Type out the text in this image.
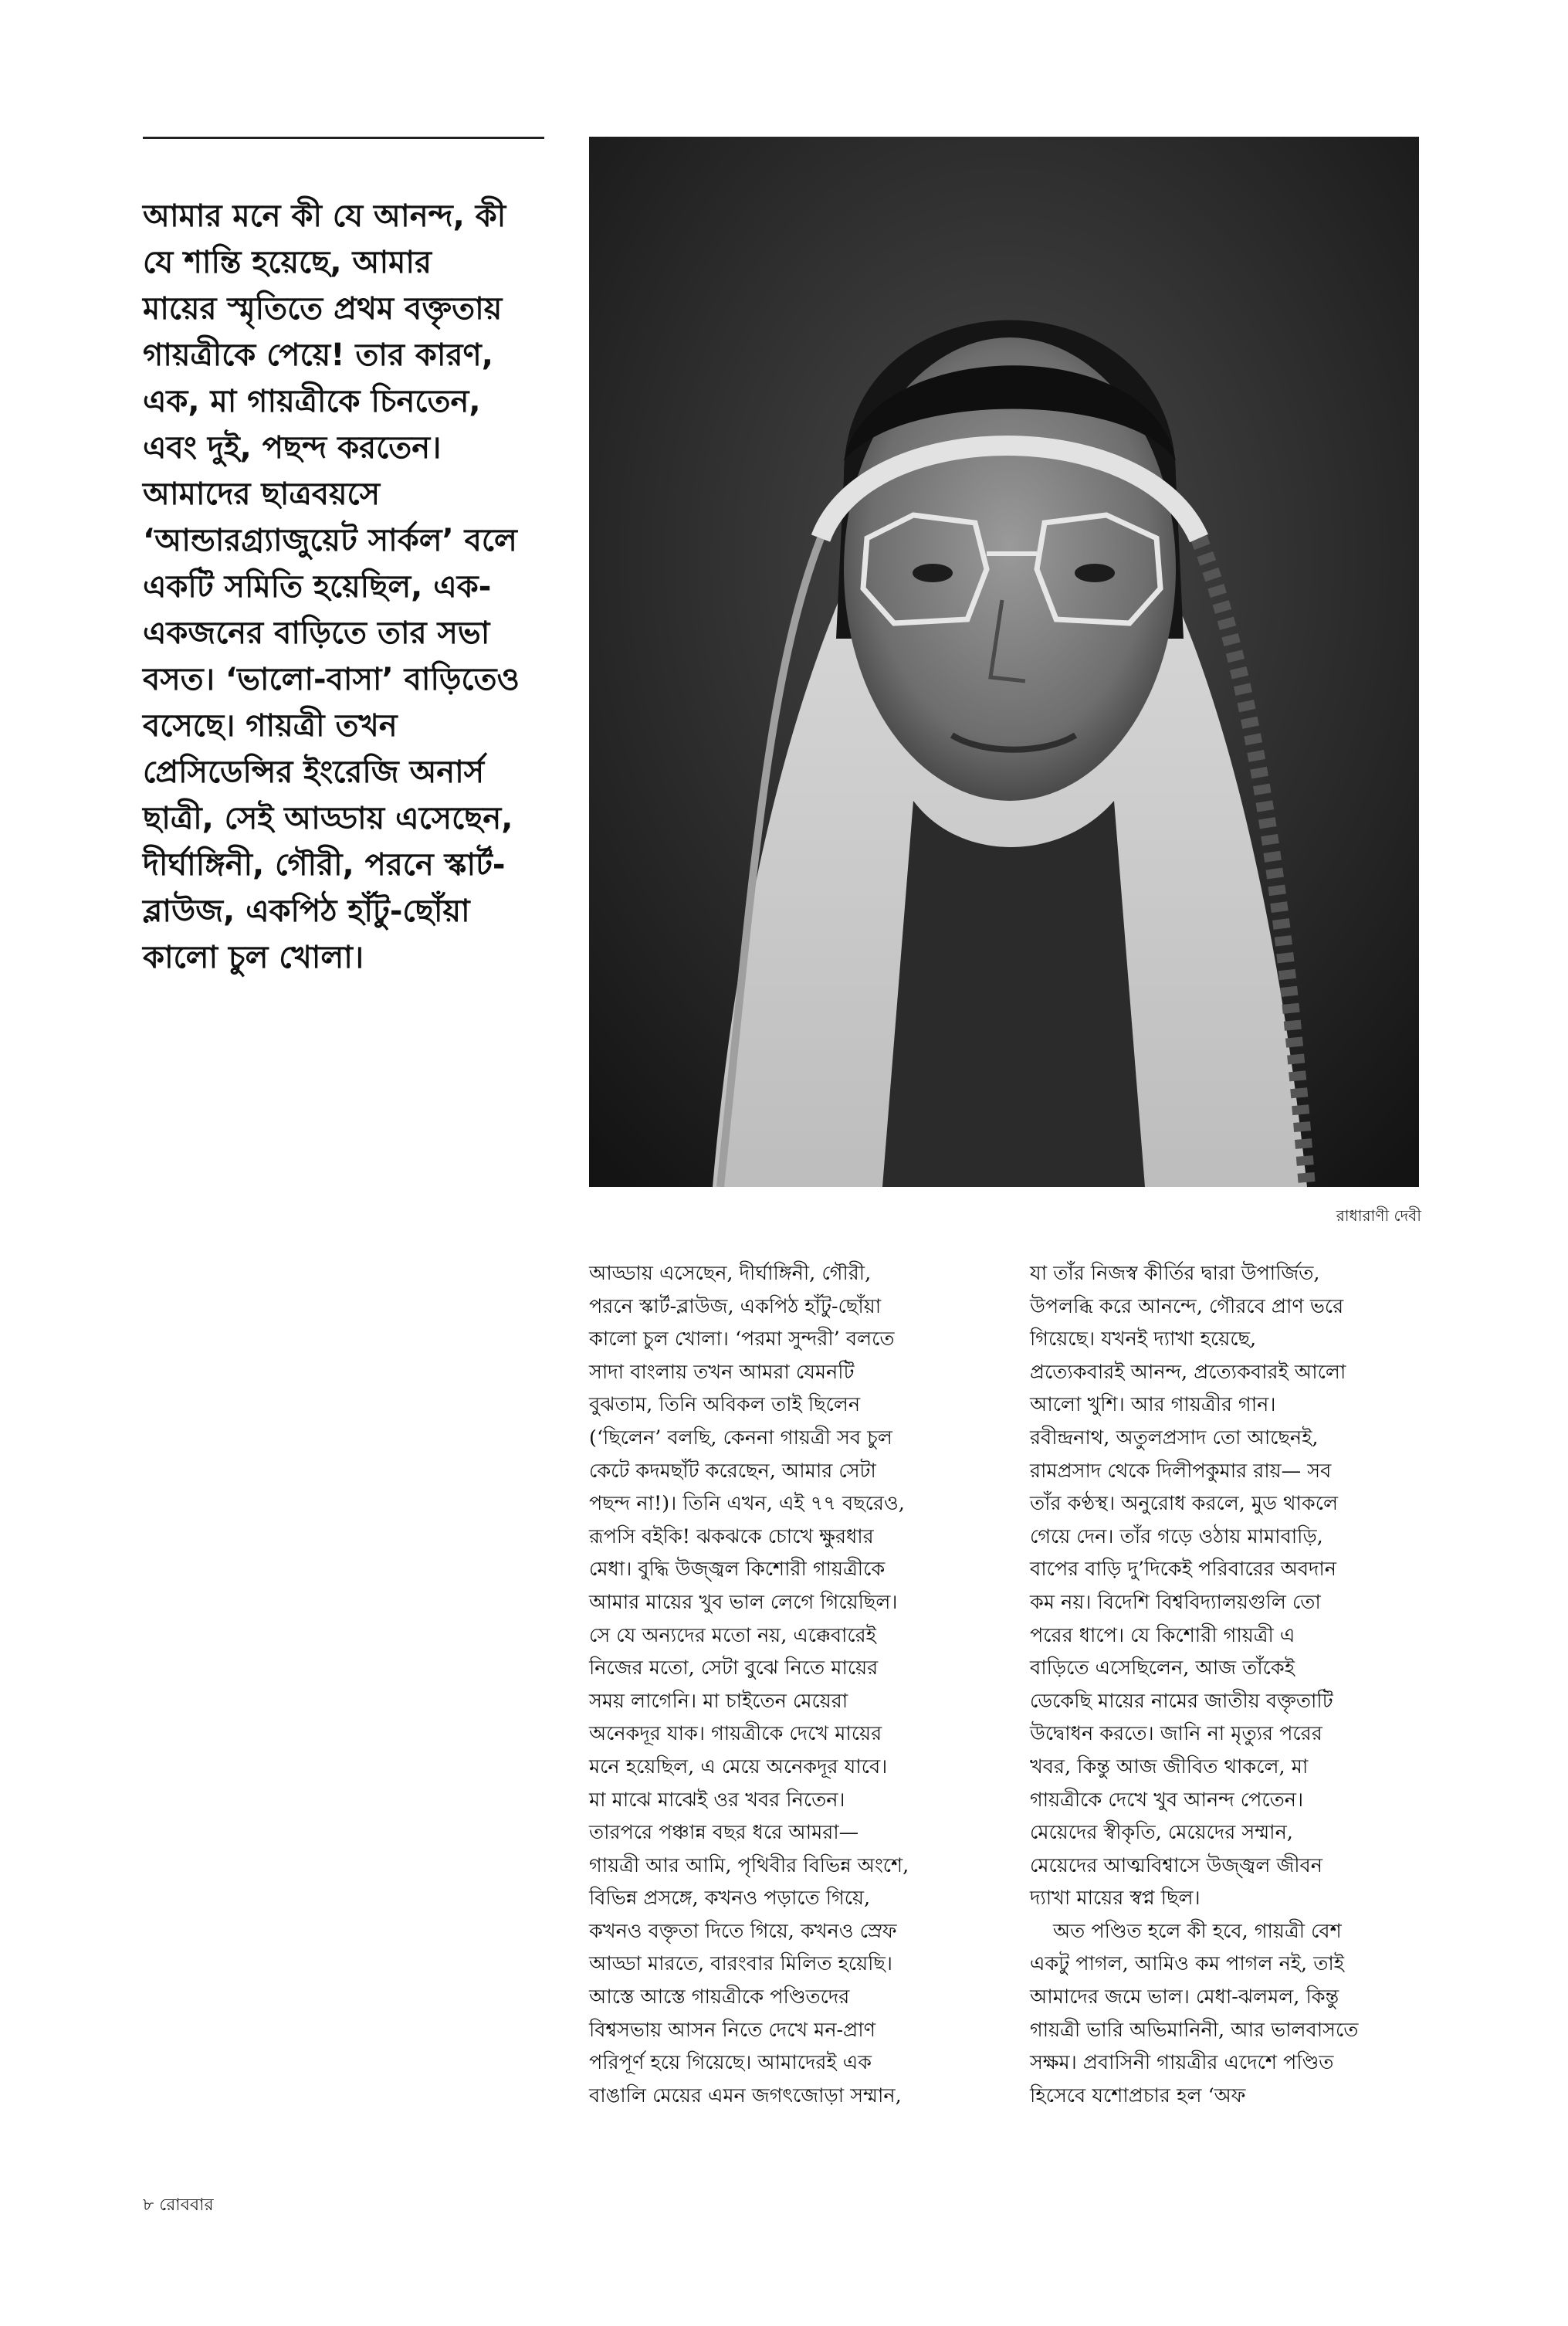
আমার মনে কী যে আনন্দ, কী
যে শান্তি হয়েছে, আমার
মায়ের স্মৃতিতে প্রথম বক্তৃতায়
গায়ত্রীকে পেয়ে! তার কারণ,
এক, মা গায়ত্রীকে চিনতেন,
এবং দুই, পছন্দ করতেন।
আমাদের ছাত্রবয়সে
‘আন্ডারগ্র্যাজুয়েট সার্কল’ বলে
একটি সমিতি হয়েছিল, এক-
একজনের বাড়িতে তার সভা
বসত। ‘ভালো-বাসা’ বাড়িতেও
বসেছে। গায়ত্রী তখন
প্রেসিডেন্সির ইংরেজি অনার্স
ছাত্রী, সেই আড্ডায় এসেছেন,
দীর্ঘাঙ্গিনী, গৌরী, পরনে স্কার্ট-
ব্লাউজ, একপিঠ হাঁটু-ছোঁয়া
কালো চুল খোলা।
রাধারাণী দেবী
আড্ডায় এসেছেন, দীর্ঘাঙ্গিনী, গৌরী,
পরনে স্কার্ট-ব্লাউজ, একপিঠ হাঁটু-ছোঁয়া
কালো চুল খোলা। ‘পরমা সুন্দরী’ বলতে
সাদা বাংলায় তখন আমরা যেমনটি
বুঝতাম, তিনি অবিকল তাই ছিলেন
(‘ছিলেন’ বলছি, কেননা গায়ত্রী সব চুল
কেটে কদমছাঁট করেছেন, আমার সেটা
পছন্দ না!)। তিনি এখন, এই ৭৭ বছরেও,
রূপসি বইকি! ঝকঝকে চোখে ক্ষুরধার
মেধা। বুদ্ধি উজ্জ্বল কিশোরী গায়ত্রীকে
আমার মায়ের খুব ভাল লেগে গিয়েছিল।
সে যে অন্যদের মতো নয়, এক্কেবারেই
নিজের মতো, সেটা বুঝে নিতে মায়ের
সময় লাগেনি। মা চাইতেন মেয়েরা
অনেকদূর যাক। গায়ত্রীকে দেখে মায়ের
মনে হয়েছিল, এ মেয়ে অনেকদূর যাবে।
মা মাঝে মাঝেই ওর খবর নিতেন।
তারপরে পঞ্চান্ন বছর ধরে আমরা—
গায়ত্রী আর আমি, পৃথিবীর বিভিন্ন অংশে,
বিভিন্ন প্রসঙ্গে, কখনও পড়াতে গিয়ে,
কখনও বক্তৃতা দিতে গিয়ে, কখনও স্রেফ
আড্ডা মারতে, বারংবার মিলিত হয়েছি।
আস্তে আস্তে গায়ত্রীকে পণ্ডিতদের
বিশ্বসভায় আসন নিতে দেখে মন-প্রাণ
পরিপূর্ণ হয়ে গিয়েছে। আমাদেরই এক
বাঙালি মেয়ের এমন জগৎজোড়া সম্মান,
যা তাঁর নিজস্ব কীর্তির দ্বারা উপার্জিত,
উপলব্ধি করে আনন্দে, গৌরবে প্রাণ ভরে
গিয়েছে। যখনই দ্যাখা হয়েছে,
প্রত্যেকবারই আনন্দ, প্রত্যেকবারই আলো
আলো খুশি। আর গায়ত্রীর গান।
রবীন্দ্রনাথ, অতুলপ্রসাদ তো আছেনই,
রামপ্রসাদ থেকে দিলীপকুমার রায়— সব
তাঁর কণ্ঠস্থ। অনুরোধ করলে, মুড থাকলে
গেয়ে দেন। তাঁর গড়ে ওঠায় মামাবাড়ি,
বাপের বাড়ি দু’দিকেই পরিবারের অবদান
কম নয়। বিদেশি বিশ্ববিদ্যালয়গুলি তো
পরের ধাপে। যে কিশোরী গায়ত্রী এ
বাড়িতে এসেছিলেন, আজ তাঁকেই
ডেকেছি মায়ের নামের জাতীয় বক্তৃতাটি
উদ্বোধন করতে। জানি না মৃত্যুর পরের
খবর, কিন্তু আজ জীবিত থাকলে, মা
গায়ত্রীকে দেখে খুব আনন্দ পেতেন।
মেয়েদের স্বীকৃতি, মেয়েদের সম্মান,
মেয়েদের আত্মবিশ্বাসে উজ্জ্বল জীবন
দ্যাখা মায়ের স্বপ্ন ছিল।
অত পণ্ডিত হলে কী হবে, গায়ত্রী বেশ
একটু পাগল, আমিও কম পাগল নই, তাই
আমাদের জমে ভাল। মেধা-ঝলমল, কিন্তু
গায়ত্রী ভারি অভিমানিনী, আর ভালবাসতে
সক্ষম। প্রবাসিনী গায়ত্রীর এদেশে পণ্ডিত
হিসেবে যশোপ্রচার হল ‘অফ
৮ রোববার
